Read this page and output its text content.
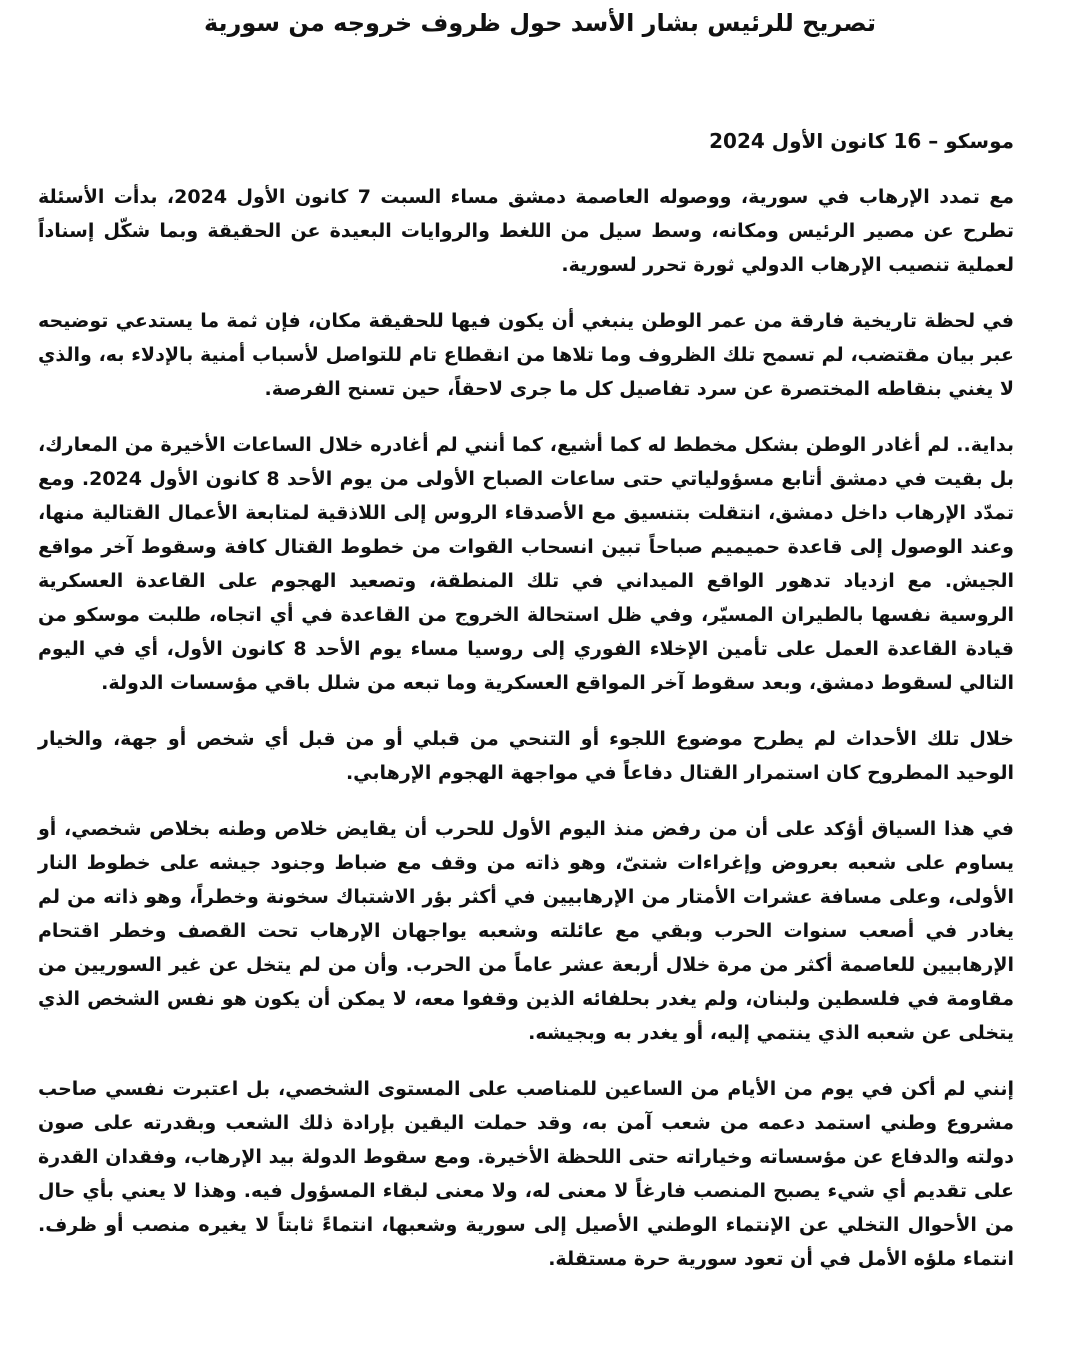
تصريح للرئيس بشار الأسد حول ظروف خروجه من سورية

موسكو – 16 كانون الأول 2024

مع تمدد الإرهاب في سورية، ووصوله العاصمة دمشق مساء السبت 7 كانون الأول 2024، بدأت الأسئلة تطرح عن مصير الرئيس ومكانه، وسط سيل من اللغط والروايات البعيدة عن الحقيقة وبما شكّل إسناداً لعملية تنصيب الإرهاب الدولي ثورة تحرر لسورية.

في لحظة تاريخية فارقة من عمر الوطن ينبغي أن يكون فيها للحقيقة مكان، فإن ثمة ما يستدعي توضيحه عبر بيان مقتضب، لم تسمح تلك الظروف وما تلاها من انقطاع تام للتواصل لأسباب أمنية بالإدلاء به، والذي لا يغني بنقاطه المختصرة عن سرد تفاصيل كل ما جرى لاحقاً، حين تسنح الفرصة.

بداية.. لم أغادر الوطن بشكل مخطط له كما أشيع، كما أنني لم أغادره خلال الساعات الأخيرة من المعارك، بل بقيت في دمشق أتابع مسؤولياتي حتى ساعات الصباح الأولى من يوم الأحد 8 كانون الأول 2024. ومع تمدّد الإرهاب داخل دمشق، انتقلت بتنسيق مع الأصدقاء الروس إلى اللاذقية لمتابعة الأعمال القتالية منها، وعند الوصول إلى قاعدة حميميم صباحاً تبين انسحاب القوات من خطوط القتال كافة وسقوط آخر مواقع الجيش. مع ازدياد تدهور الواقع الميداني في تلك المنطقة، وتصعيد الهجوم على القاعدة العسكرية الروسية نفسها بالطيران المسيّر، وفي ظل استحالة الخروج من القاعدة في أي اتجاه، طلبت موسكو من قيادة القاعدة العمل على تأمين الإخلاء الفوري إلى روسيا مساء يوم الأحد 8 كانون الأول، أي في اليوم التالي لسقوط دمشق، وبعد سقوط آخر المواقع العسكرية وما تبعه من شلل باقي مؤسسات الدولة.

خلال تلك الأحداث لم يطرح موضوع اللجوء أو التنحي من قبلي أو من قبل أي شخص أو جهة، والخيار الوحيد المطروح كان استمرار القتال دفاعاً في مواجهة الهجوم الإرهابي.

في هذا السياق أؤكد على أن من رفض منذ اليوم الأول للحرب أن يقايض خلاص وطنه بخلاص شخصي، أو يساوم على شعبه بعروض وإغراءات شتىّ، وهو ذاته من وقف مع ضباط وجنود جيشه على خطوط النار الأولى، وعلى مسافة عشرات الأمتار من الإرهابيين في أكثر بؤر الاشتباك سخونة وخطراً، وهو ذاته من لم يغادر في أصعب سنوات الحرب وبقي مع عائلته وشعبه يواجهان الإرهاب تحت القصف وخطر اقتحام الإرهابيين للعاصمة أكثر من مرة خلال أربعة عشر عاماً من الحرب. وأن من لم يتخل عن غير السوريين من مقاومة في فلسطين ولبنان، ولم يغدر بحلفائه الذين وقفوا معه، لا يمكن أن يكون هو نفس الشخص الذي يتخلى عن شعبه الذي ينتمي إليه، أو يغدر به وبجيشه.

إنني لم أكن في يوم من الأيام من الساعين للمناصب على المستوى الشخصي، بل اعتبرت نفسي صاحب مشروع وطني استمد دعمه من شعب آمن به، وقد حملت اليقين بإرادة ذلك الشعب وبقدرته على صون دولته والدفاع عن مؤسساته وخياراته حتى اللحظة الأخيرة. ومع سقوط الدولة بيد الإرهاب، وفقدان القدرة على تقديم أي شيء يصبح المنصب فارغاً لا معنى له، ولا معنى لبقاء المسؤول فيه. وهذا لا يعني بأي حال من الأحوال التخلي عن الإنتماء الوطني الأصيل إلى سورية وشعبها، انتماءً ثابتاً لا يغيره منصب أو ظرف. انتماء ملؤه الأمل في أن تعود سورية حرة مستقلة.
